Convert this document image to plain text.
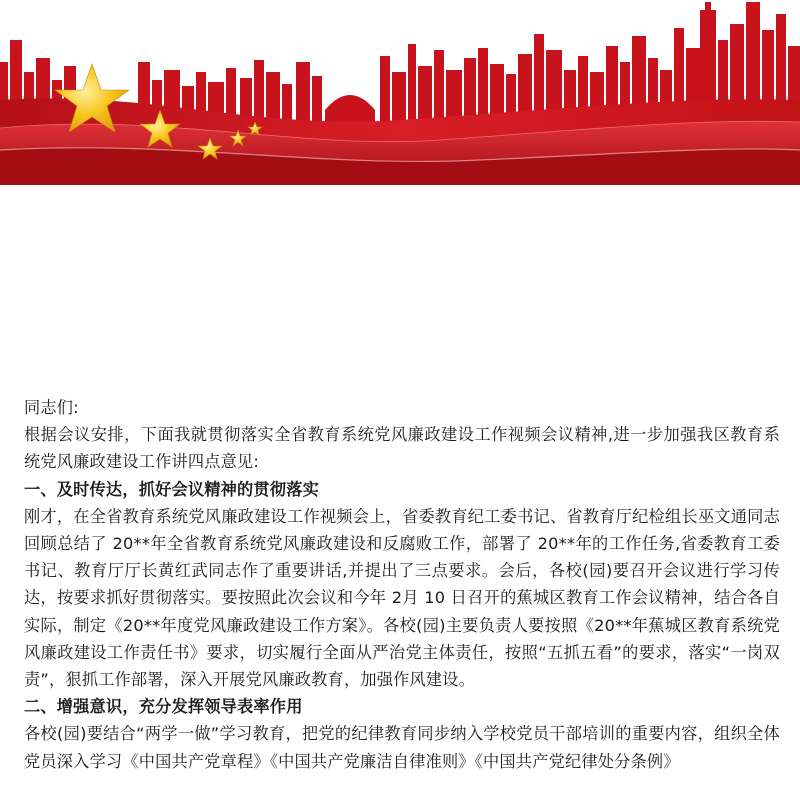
同志们:

根据会议安排，下面我就贯彻落实全省教育系统党风廉政建设工作视频会议精神,进一步加强我区教育系统党风廉政建设工作讲四点意见:

一、及时传达，抓好会议精神的贯彻落实

刚才，在全省教育系统党风廉政建设工作视频会上，省委教育纪工委书记、省教育厅纪检组长巫文通同志回顾总结了 20**年全省教育系统党风廉政建设和反腐败工作，部署了 20**年的工作任务,省委教育工委书记、教育厅厅长黄红武同志作了重要讲话,并提出了三点要求。会后，各校(园)要召开会议进行学习传达，按要求抓好贯彻落实。要按照此次会议和今年 2月 10 日召开的蕉城区教育工作会议精神，结合各自实际，制定《20**年度党风廉政建设工作方案》。各校(园)主要负责人要按照《20**年蕉城区教育系统党风廉政建设工作责任书》要求，切实履行全面从严治党主体责任，按照“五抓五看”的要求，落实“一岗双责”，狠抓工作部署，深入开展党风廉政教育，加强作风建设。

二、增强意识，充分发挥领导表率作用

各校(园)要结合“两学一做”学习教育，把党的纪律教育同步纳入学校党员干部培训的重要内容，组织全体党员深入学习《中国共产党章程》《中国共产党廉洁自律准则》《中国共产党纪律处分条例》
